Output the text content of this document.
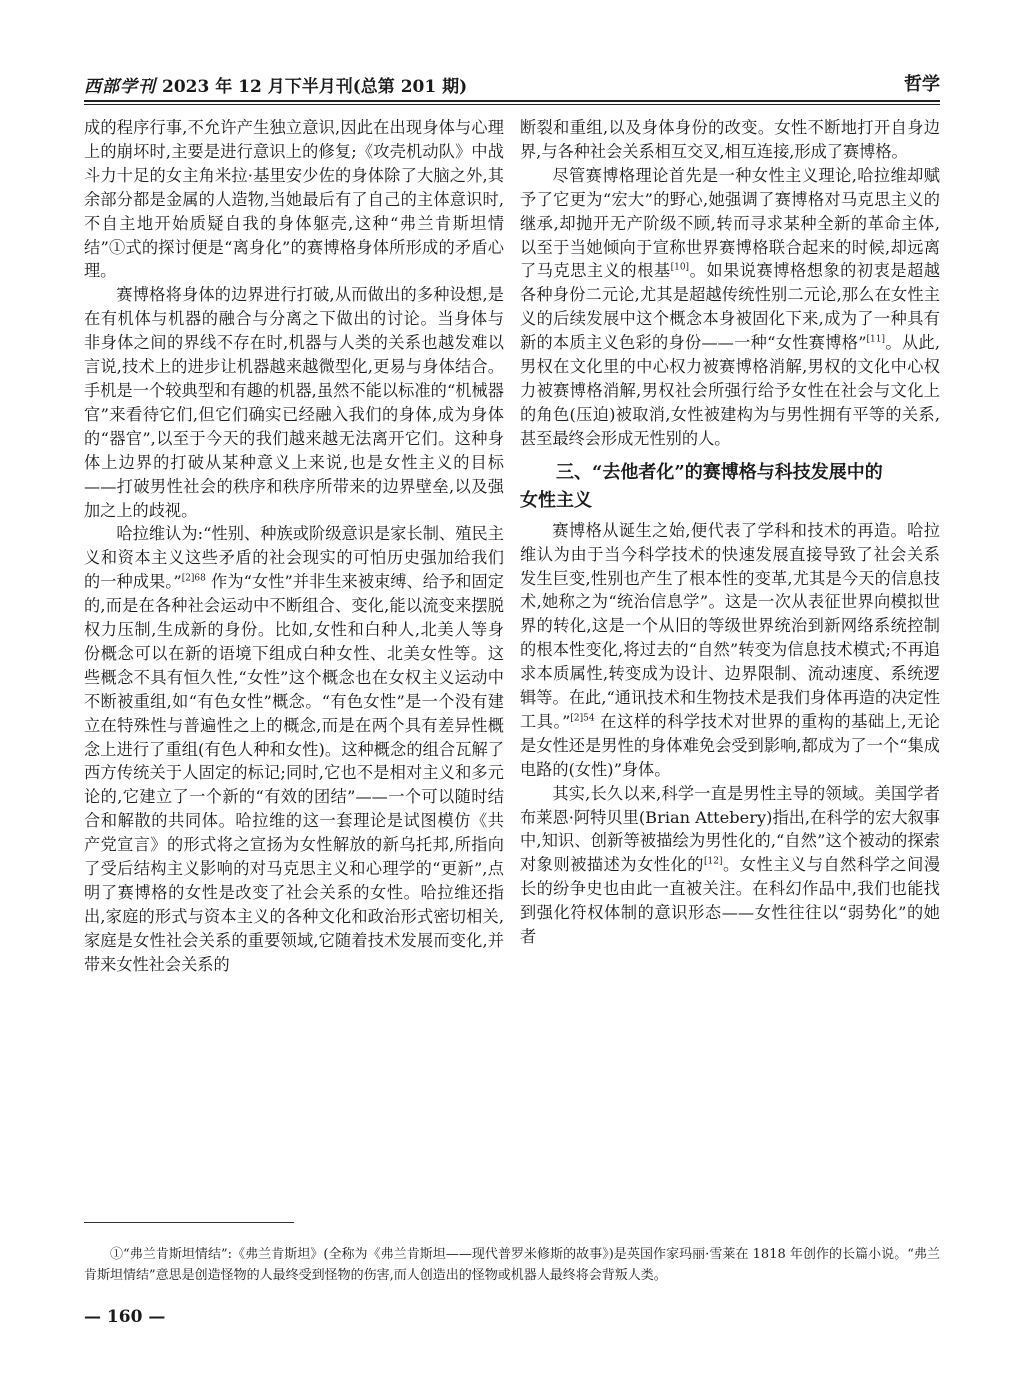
西部学刊 2023 年 12 月下半月刊(总第 201 期)	哲学

成的程序行事,不允许产生独立意识,因此在出现身体与心理上的崩坏时,主要是进行意识上的修复;《攻壳机动队》中战斗力十足的女主角米拉·基里安少佐的身体除了大脑之外,其余部分都是金属的人造物,当她最后有了自己的主体意识时,不自主地开始质疑自我的身体躯壳,这种“弗兰肯斯坦情结”①式的探讨便是“离身化”的赛博格身体所形成的矛盾心理。

赛博格将身体的边界进行打破,从而做出的多种设想,是在有机体与机器的融合与分离之下做出的讨论。当身体与非身体之间的界线不存在时,机器与人类的关系也越发难以言说,技术上的进步让机器越来越微型化,更易与身体结合。手机是一个较典型和有趣的机器,虽然不能以标准的“机械器官”来看待它们,但它们确实已经融入我们的身体,成为身体的“器官”,以至于今天的我们越来越无法离开它们。这种身体上边界的打破从某种意义上来说,也是女性主义的目标——打破男性社会的秩序和秩序所带来的边界壁垒,以及强加之上的歧视。

哈拉维认为:“性别、种族或阶级意识是家长制、殖民主义和资本主义这些矛盾的社会现实的可怕历史强加给我们的一种成果。”$^{[2]68}$ 作为“女性”并非生来被束缚、给予和固定的,而是在各种社会运动中不断组合、变化,能以流变来摆脱权力压制,生成新的身份。比如,女性和白种人,北美人等身份概念可以在新的语境下组成白种女性、北美女性等。这些概念不具有恒久性,“女性”这个概念也在女权主义运动中不断被重组,如“有色女性”概念。“有色女性”是一个没有建立在特殊性与普遍性之上的概念,而是在两个具有差异性概念上进行了重组(有色人种和女性)。这种概念的组合瓦解了西方传统关于人固定的标记;同时,它也不是相对主义和多元论的,它建立了一个新的“有效的团结”——一个可以随时结合和解散的共同体。哈拉维的这一套理论是试图模仿《共产党宣言》的形式将之宣扬为女性解放的新乌托邦,所指向了受后结构主义影响的对马克思主义和心理学的“更新”,点明了赛博格的女性是改变了社会关系的女性。哈拉维还指出,家庭的形式与资本主义的各种文化和政治形式密切相关,家庭是女性社会关系的重要领域,它随着技术发展而变化,并带来女性社会关系的

断裂和重组,以及身体身份的改变。女性不断地打开自身边界,与各种社会关系相互交叉,相互连接,形成了赛博格。

尽管赛博格理论首先是一种女性主义理论,哈拉维却赋予了它更为“宏大”的野心,她强调了赛博格对马克思主义的继承,却抛开无产阶级不顾,转而寻求某种全新的革命主体,以至于当她倾向于宣称世界赛博格联合起来的时候,却远离了马克思主义的根基[10]。如果说赛博格想象的初衷是超越各种身份二元论,尤其是超越传统性别二元论,那么在女性主义的后续发展中这个概念本身被固化下来,成为了一种具有新的本质主义色彩的身份——一种“女性赛博格”[11]。从此,男权在文化里的中心权力被赛博格消解,男权的文化中心权力被赛博格消解,男权社会所强行给予女性在社会与文化上的角色(压迫)被取消,女性被建构为与男性拥有平等的关系,甚至最终会形成无性别的人。

三、“去他者化”的赛博格与科技发展中的
女性主义

赛博格从诞生之始,便代表了学科和技术的再造。哈拉维认为由于当今科学技术的快速发展直接导致了社会关系发生巨变,性别也产生了根本性的变革,尤其是今天的信息技术,她称之为“统治信息学”。这是一次从表征世界向模拟世界的转化,这是一个从旧的等级世界统治到新网络系统控制的根本性变化,将过去的“自然”转变为信息技术模式;不再追求本质属性,转变成为设计、边界限制、流动速度、系统逻辑等。在此,“通讯技术和生物技术是我们身体再造的决定性工具。”$^{[2]54}$ 在这样的科学技术对世界的重构的基础上,无论是女性还是男性的身体难免会受到影响,都成为了一个“集成电路的(女性)”身体。

其实,长久以来,科学一直是男性主导的领域。美国学者布莱恩·阿特贝里(Brian Attebery)指出,在科学的宏大叙事中,知识、创新等被描绘为男性化的,“自然”这个被动的探索对象则被描述为女性化的[12]。女性主义与自然科学之间漫长的纷争史也由此一直被关注。在科幻作品中,我们也能找到强化符权体制的意识形态——女性往往以“弱势化”的她者

①“弗兰肯斯坦情结”:《弗兰肯斯坦》(全称为《弗兰肯斯坦——现代普罗米修斯的故事》)是英国作家玛丽·雪莱在 1818 年创作的长篇小说。“弗兰肯斯坦情结”意思是创造怪物的人最终受到怪物的伤害,而人创造出的怪物或机器人最终将会背叛人类。
— 160 —
